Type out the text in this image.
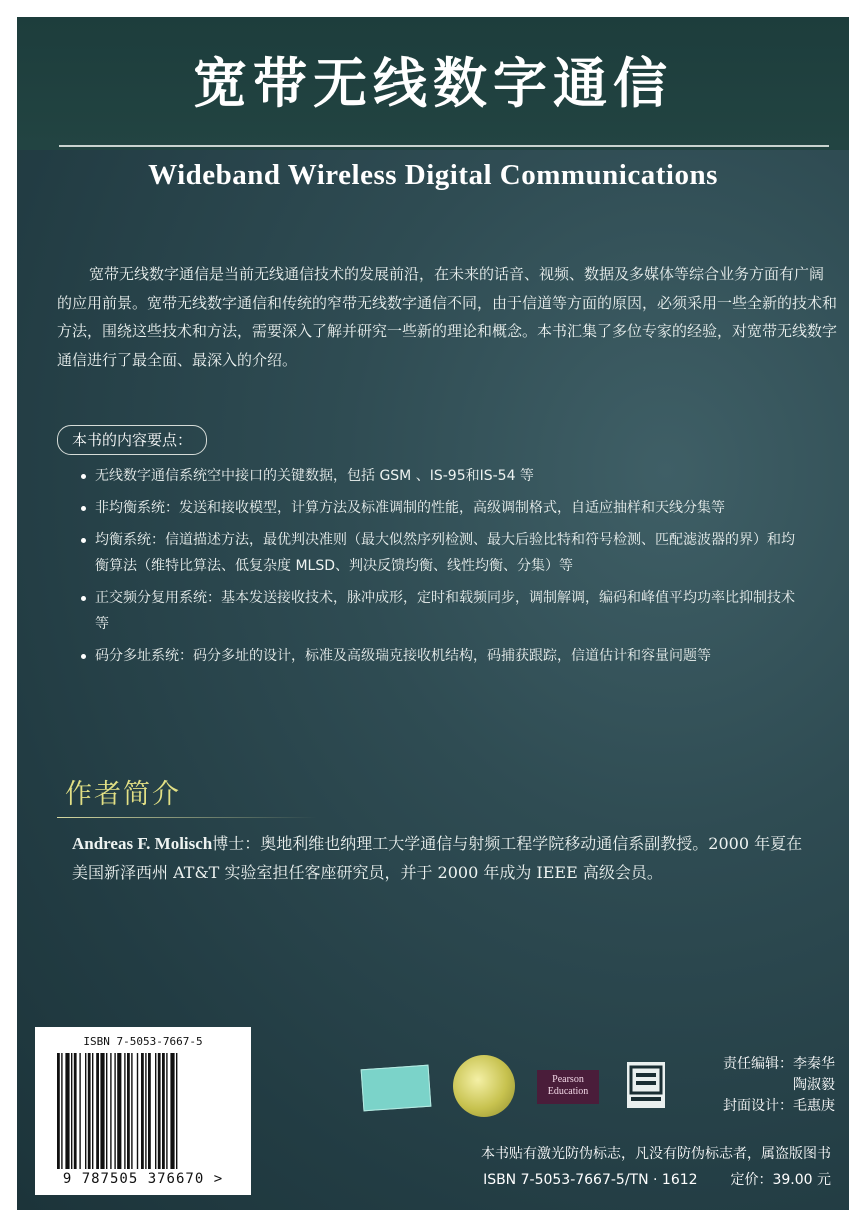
宽带无线数字通信
Wideband Wireless Digital Communications

宽带无线数字通信是当前无线通信技术的发展前沿，在未来的话音、视频、数据及多媒体等综合业务方面有广阔的应用前景。宽带无线数字通信和传统的窄带无线数字通信不同，由于信道等方面的原因，必须采用一些全新的技术和方法，围绕这些技术和方法，需要深入了解并研究一些新的理论和概念。本书汇集了多位专家的经验，对宽带无线数字通信进行了最全面、最深入的介绍。

本书的内容要点：
无线数字通信系统空中接口的关键数据，包括 GSM 、IS-95和IS-54 等
非均衡系统：发送和接收模型，计算方法及标准调制的性能，高级调制格式，自适应抽样和天线分集等
均衡系统：信道描述方法，最优判决准则（最大似然序列检测、最大后验比特和符号检测、匹配滤波器的界）和均衡算法（维特比算法、低复杂度 MLSD、判决反馈均衡、线性均衡、分集）等
正交频分复用系统：基本发送接收技术，脉冲成形，定时和载频同步，调制解调，编码和峰值平均功率比抑制技术等
码分多址系统：码分多址的设计，标准及高级瑞克接收机结构，码捕获跟踪，信道估计和容量问题等
作者简介

Andreas F. Molisch博士：奥地利维也纳理工大学通信与射频工程学院移动通信系副教授。2000 年夏在美国新泽西州 AT&T 实验室担任客座研究员，并于 2000 年成为 IEEE 高级会员。

ISBN 7-5053-7667-5
9 787505 376670 >
Pearson Education
责任编辑：李秦华
陶淑毅
封面设计：毛惠庚
本书贴有激光防伪标志，凡没有防伪标志者，属盗版图书
ISBN 7-5053-7667-5/TN · 1612 定价：39.00 元
